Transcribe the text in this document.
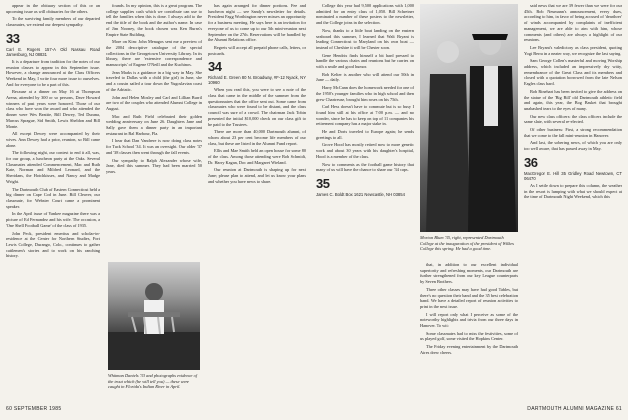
appear in the obituary section of this or an upcoming issue as will obituaries for the others.

To the surviving family members of our departed classmates, we extend our deepest sympathy.

33
Carl E. Rogers 157-A Old Nassau Road Jamesburg, NJ 08831

It is a departure from tradition for the notes of our reunion classes to appear in this September issue. However, a change announced at the Class Officers Weekend in May, I write four more issue to ourselves. And for everyone to be a part of this.

Because at a dinner on May 16 at Thompson Arena, attended by 300 or so persons, Dave Howard winners of past years were honored. Those of our class who have won the award and who attended the dinner were Wes Beattie, Bill Dewey, Ted Durana, Marcus Sprague, Sid Smith, Lewis Sheldon and Bill Monte.

All except Dewey were accompanied by their wives. Ann Dewey had a prior, reunion, so Bill came alone.

The following night, our contest to end it all, was, for our group, a luncheon party at the Oaks. Several Classmates attended Commencement, Mac and Ruth Kate, Norman and Mildred Leonard, and the Sheridans, the Hotchkisses, and Nancy and Madge Wright.

The Dartmouth Club of Eastern Connecticut held a big dinner on Cape Cod in June. Bill Cleaver, our classmate, for Webster Court came a prominent speaker.

In the April issue of Yankee magazine there was a picture of Ed Fernandez and his wife. The occasion, a 'One Shell Football Game' of the class of 1935.

John Peck, president emeritus and scholar-in-residence at the Center for Northern Studies, Fort Lewis College, Durango, Colo., continues to gather cattlemen's stories and to work on his ranching history.

founds. In my opinion, this is a great program. The college supplies cash which we contribute can use to tell the families when this is done. I always add to the end the title of the book and the author's name. In case of Jim Nooney, the book chosen was Ken Burns's Empire State Building.

More on Kim: John Menagos sent me a preview of the 2004 descriptive catalogue of the special collections in the Georgetown University Library. In its library, there are 'extensive correspondence and manuscripts' of Eugene O'Neill and the Kuchinos.

Jean Marks is a guidance in a big way in May. She traveled to Dallas with a child (the girl) in June, she and a cousin sailed a tour down the Yugoslavian coast of the Adriatic.

John and Helen Mosley and Carl and Lillian Burril are two of the couples who attended Alumni College in August.

Mac and Ruth Field celebrated their golden wedding anniversary on June 26. Daughters Jane and Sally gave them a dinner party in an important restaurant in Bal Harbour, Fla.

I hear that Dan Vandrere is now doing class notes for Tuck School '34. It was an oversight. Our older '37 and '38 classes then went through the fall events.

Our sympathy to Ralph Alexander whose wife, Jane, died this summer. They had been married 50 years.

Whitman Daniels '33 and photographs evidence of the trout which (he will tell you) — these were caught in Florida's Indian River in April.

has again arranged for dinner portions. Fee and luncheon night — see Sandy's newsletter for details. President Fagg Worthington never misses an opportunity for a business meeting. He says here is an invitation for everyone of us to come up to our 5th mini-reunion next September on the 27th. Reservations will be handled by the Alumni Relations office.

Regrets will accept all prepaid phone calls, letters, or postcards.

34
Richard E. Green 80 N. Broadway, #F-12 Nyack, NY 10960

When you read this, you were to see a note of the class that came in the middle of the summer from the questionnaires that the office sent out. Some came from classmates who were found to be distant, and the class council was sure of a crowd. The chairman Jack Tobin presented the initial $10,000 check on our class gift to be paid to the Trustees.

There are more than 40,000 Dartmouth alumni, of whom about 23 per cent become life members of our class, but these are listed in the Alumni Fund report.

Ellis and Mae Smith held an open house for some 80 of the class. Among those attending were Bob Schmidt, Dr. Harry Kagan, Doc and Margaret Wieland.

Our reunion at Dartmouth is shaping up for next June; please plan to attend, and let us know your plans and whether you have news to share.

College this year had 9,500 applications with 1,000 admitted for an entry class of 1,050. Bill Schreiner nominated a number of these posters to the newsletter, and the College joins in the selection.

Now, thanks to a little boat landing on the eastern seaboard this summer, I learned that Walt Bryant is leading Connecticut to Maryland on his own boat — instead of Cheshire it will be Chester soon.

Gene Hendrix finds himself a bit hard pressed to handle the various chairs and reunions but he carries on with a smile and good humor.

Bob Kelter is another who will attend our 50th in June — daily.

Harry McCann does the homework needed for one of the 1950's younger families who in high school and then grew Chartreuse, brought him roses on his 75th.

Carl Hess doesn't have to commute but is so busy I found him still at his office at 7:00 p.m. — and no wonder, since he has to keep on top of 11 companies his retirement company has a major stake in.

He and Doris traveled to Europe again; he sends greetings to all.

Grove Hood has mostly retired now to more genetic work and about 30 years with his daughter's hospital, Hood is a member of the class.

Now to comments as the football game history that many of us will have the chance to share our '34 caps.

35
James C. Boldt Box 1621 Newcastle, NH 03854
Morton Blum '35, right, represented Dartmouth College at the inauguration of the president of Wilkes College this spring. He had a good time.

that, in addition to our excellent individual superiority and refreshing moments, our Dartmouth are further strengthened from our key League counterparts by Seven Brothers.

Three other classes may have had good Tables, but there's no question their band and the 35 best celebration band. We have a detailed report of reunion activities to print in the next issue.

I will report only what I perceive as some of the noteworthy highlights and trivia from our three days in Hanover. To wit:

Some classmates had to miss the festivities, some of us played golf, some visited the Hopkins Center.

The Friday evening entertainment by the Dartmouth Aires drew cheers.

said news that we are 39 fewer than we were for our 45th. Bob Neumann's announcement, every dues, according to him, in favor of being accused of 'dearthrer' of winds accompanied by complaints of inefficient management, we are able to aim with him, whose comments (and others) are always a highlight of our reunions.

Lee Bryant's valedictory as class president, quoting Yogi Berra in a neater way, we recognize the last saying.

Sam George Collen's masterful and moving Worship address, which included an impressively dry witty, remembrance of the Great Class and its members and closed with a quotation borrowed from the late Nelson Eagles class bard.

Bob Rinehart has been invited to give the address on the statue of the 'Big Bill' old Dartmouth athletic field and again, this year, the Bog Basket that brought unabashed tears to the eyes of many.

Our new class officers: the class officers include the same slate, with several re-elected.

Of other business: First, a strong recommendation that we come to the fall mini-reunion in Hanover.

And last, the sobering news, of which you are only too well aware, that has passed away in May.

36
MacGregor E. Hill 35 Gridley Road Newtown, CT 06470

As I settle down to prepare this column, the weather in the resort is lumping with what we should expect at the time of Dartmouth Night Weekend, which this

60 SEPTEMBER 1985	DARTMOUTH ALUMNI MAGAZINE 61
